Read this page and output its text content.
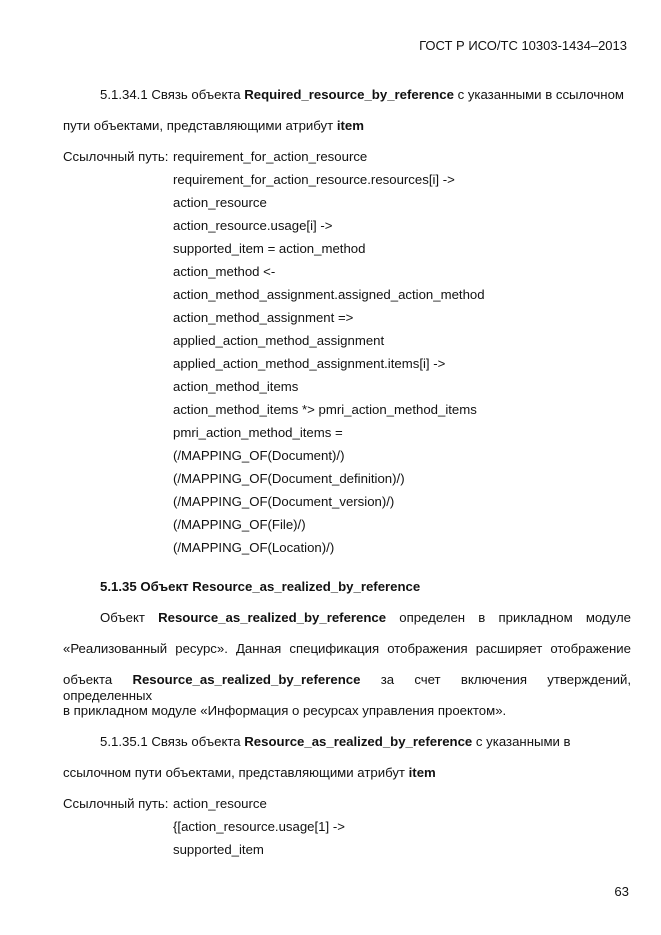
ГОСТ Р ИСО/ТС 10303-1434–2013
5.1.34.1 Связь объекта Required_resource_by_reference с указанными в ссылочном
пути объектами, представляющими атрибут item
Ссылочный путь: requirement_for_action_resource
requirement_for_action_resource.resources[i] ->
action_resource
action_resource.usage[i] ->
supported_item = action_method
action_method <-
action_method_assignment.assigned_action_method
action_method_assignment =>
applied_action_method_assignment
applied_action_method_assignment.items[i] ->
action_method_items
action_method_items *> pmri_action_method_items
pmri_action_method_items =
(/MAPPING_OF(Document)/)
(/MAPPING_OF(Document_definition)/)
(/MAPPING_OF(Document_version)/)
(/MAPPING_OF(File)/)
(/MAPPING_OF(Location)/)
5.1.35 Объект Resource_as_realized_by_reference
Объект Resource_as_realized_by_reference определен в прикладном модуле
«Реализованный ресурс». Данная спецификация отображения расширяет отображение
объекта Resource_as_realized_by_reference за счет включения утверждений, определенных
в прикладном модуле «Информация о ресурсах управления проектом».
5.1.35.1 Связь объекта Resource_as_realized_by_reference с указанными в
ссылочном пути объектами, представляющими атрибут item
Ссылочный путь: action_resource
{[action_resource.usage[1] ->
supported_item
63
